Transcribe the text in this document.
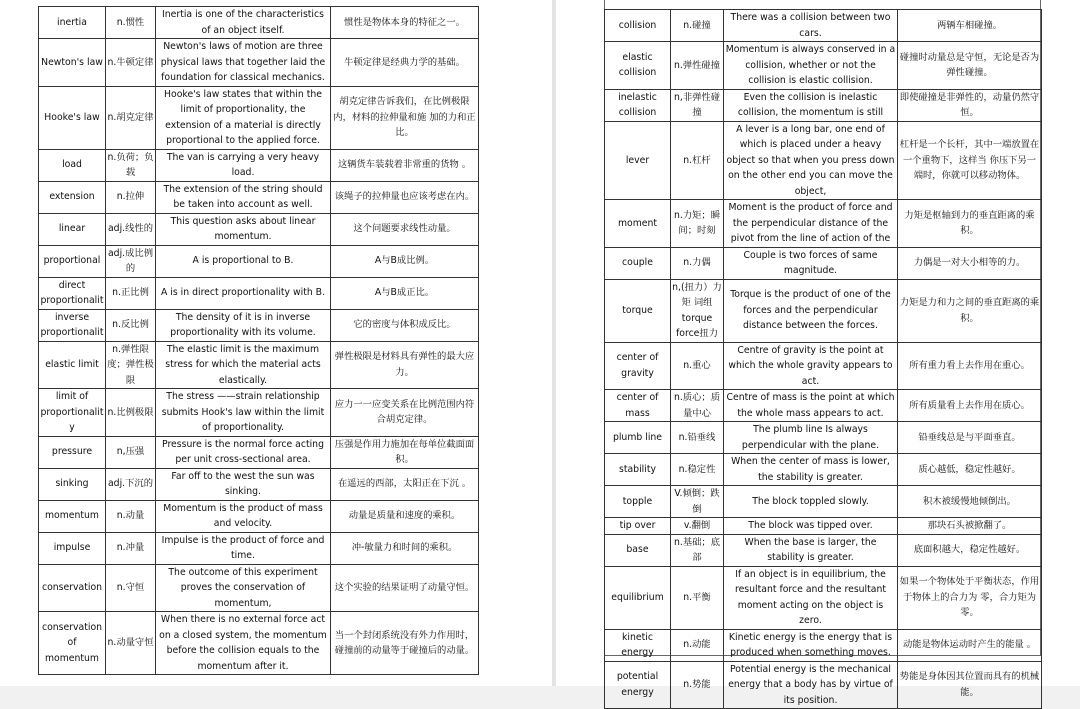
inertia	n.惯性	Inertia is one of the characteristics of an object itself.	惯性是物体本身的特征之一。
Newton's law	n.牛顿定律	Newton's laws of motion are three physical laws that together laid the foundation for classical mechanics.	牛顿定律是经典力学的基础。
Hooke's law	n.胡克定律	Hooke's law states that within the limit of proportionality, the extension of a material is directly proportional to the applied force.	胡克定律告诉我们，在比例极限内，材料的拉伸量和施 加的力和正比。
load	n.负荷；负载	The van is carrying a very heavy load.	这辆货车装载着非常重的货物 。
extension	n.拉伸	The extension of the string should be taken into account as well.	该绳子的拉伸量也应该考虑在内。
linear	adj.线性的	This question asks about linear momentum.	这个问题要求线性动量。
proportional	adj.成比例的	A is proportional to B.	A与B成比例。
direct proportionalit	n.正比例	A is in direct proportionality with B.	A与B成正比。
inverse proportionalit	n.反比例	The density of it is in inverse proportionality with its volume.	它的密度与体积成反比。
elastic limit	n.弹性限度；弹性极限	The elastic limit is the maximum stress for which the material acts elastically.	弹性极限是材料具有弹性的最大应力。
limit of proportionalit y	n.比例极限	The stress ——strain relationship submits Hook's law within the limit of proportionality.	应力一一应变关系在比例范围内符合胡克定律。
pressure	n,压强	Pressure is the normal force acting per unit cross-sectional area.	压强是作用力施加在每单位截面面积。
sinking	adj.下沉的	Far off to the west the sun was sinking.	在遥远的西部，太阳正在下沉 。
momentum	n.动量	Momentum is the product of mass and velocity.	动量是质量和速度的乘积。
impulse	n.冲量	Impulse is the product of force and time.	冲-敏量力和时间的乘积。
conservation	n.守恒	The outcome of this experiment proves the conservation of momentum,	这个实验的结果证明了动量守恒。
conservation of momentum	n.动量守恒	When there is no external force act on a closed system, the momentum before the collision equals to the momentum after it.	当一个封闭系统没有外力作用时，碰撞前的动量等于碰撞后的动量。
collision	n.碰撞	There was a collision between two cars.	两辆车相碰撞。
elastic collision	n.弹性碰撞	Momentum is always conserved in a collision, whether or not the collision is elastic collision.	碰撞时动量总是守恒，无论是否为弹性碰撞。
inelastic collision	n,非弹性碰撞	Even the collision is inelastic collision, the momentum is still	即使碰撞是非弹性的，动量仍然守恒。
lever	n.杠杆	A lever is a long bar, one end of which is placed under a heavy object so that when you press down on the other end you can move the object,	杠杆是一个长杆，其中一端放置在一个重物下，这样当 你压下另一端时，你就可以移动物体。
moment	n.力矩；瞬间；时刻	Moment is the product of force and the perpendicular distance of the pivot from the line of action of the	力矩是枢轴到力的垂直距离的乘积。
couple	n.力偶	Couple is two forces of same magnitude.	力偶是一对大小相等的力。
torque	n,(扭力）力矩 词组 torque force扭力	Torque is the product of one of the forces and the perpendicular distance between the forces.	力矩是力和力之间的垂直距离的乘积。
center of gravity	n.重心	Centre of gravity is the point at which the whole gravity appears to act.	所有重力看上去作用在重心。
center of mass	n.质心；质量中心	Centre of mass is the point at which the whole mass appears to act.	所有质量看上去作用在质心。
plumb line	n.铅垂线	The plumb line Is always perpendicular with the plane.	铅垂线总是与平面垂直。
stability	n.稳定性	When the center of mass is lower, the stability is greater.	质心越低，稳定性越好。
topple	V.倾倒；跌倒	The block toppled slowly.	积木被缓慢地倾倒出。
tip over	v.翻倒	The block was tipped over.	那块石头被掀翻了。
base	n.基础；底部	When the base is larger, the stability is greater.	底面积越大，稳定性越好。
equilibrium	n.平衡	If an object is in equilibrium, the resultant force and the resultant moment acting on the object is zero.	如果一个物体处于平衡状态，作用于物体上的合力为 零，合力矩为零。
kinetic energy	n.动能	Kinetic energy is the energy that is produced when something moves.	动能是物体运动时产生的能量 。
potential energy	n.势能	Potential energy is the mechanical energy that a body has by virtue of its position.	势能是身体因其位置而具有的机械能。
